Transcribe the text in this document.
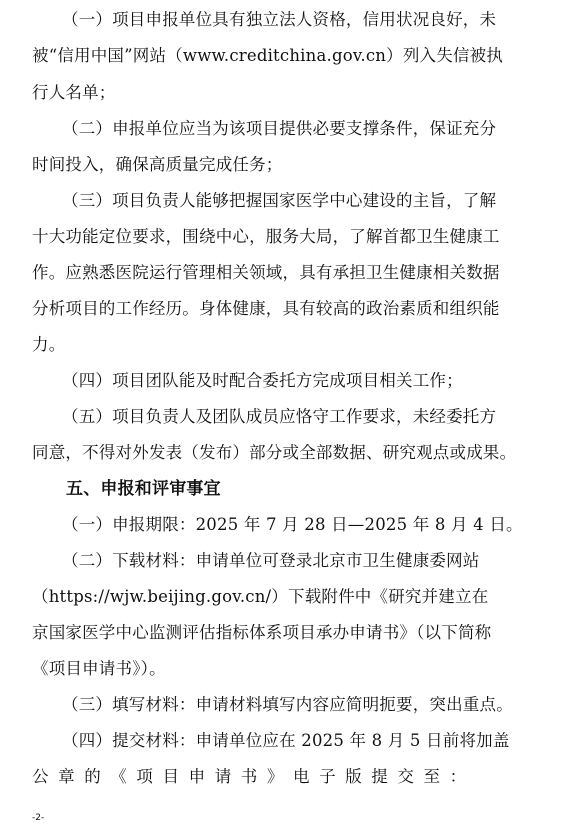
（一）项目申报单位具有独立法人资格，信用状况良好，未
被“信用中国”网站（www.creditchina.gov.cn）列入失信被执
行人名单；
（二）申报单位应当为该项目提供必要支撑条件，保证充分
时间投入，确保高质量完成任务；
（三）项目负责人能够把握国家医学中心建设的主旨，了解
十大功能定位要求，围绕中心，服务大局，了解首都卫生健康工
作。应熟悉医院运行管理相关领域，具有承担卫生健康相关数据
分析项目的工作经历。身体健康，具有较高的政治素质和组织能
力。
（四）项目团队能及时配合委托方完成项目相关工作；
（五）项目负责人及团队成员应恪守工作要求，未经委托方
同意，不得对外发表（发布）部分或全部数据、研究观点或成果。
五、申报和评审事宜
（一）申报期限：2025 年 7 月 28 日—2025 年 8 月 4 日。
（二）下载材料：申请单位可登录北京市卫生健康委网站
（https://wjw.beijing.gov.cn/）下载附件中《研究并建立在
京国家医学中心监测评估指标体系项目承办申请书》（以下简称
《项目申请书》）。
（三）填写材料：申请材料填写内容应简明扼要，突出重点。
（四）提交材料：申请单位应在 2025 年 8 月 5 日前将加盖
公章的《项目申请书》电子版提交至：
-2-
